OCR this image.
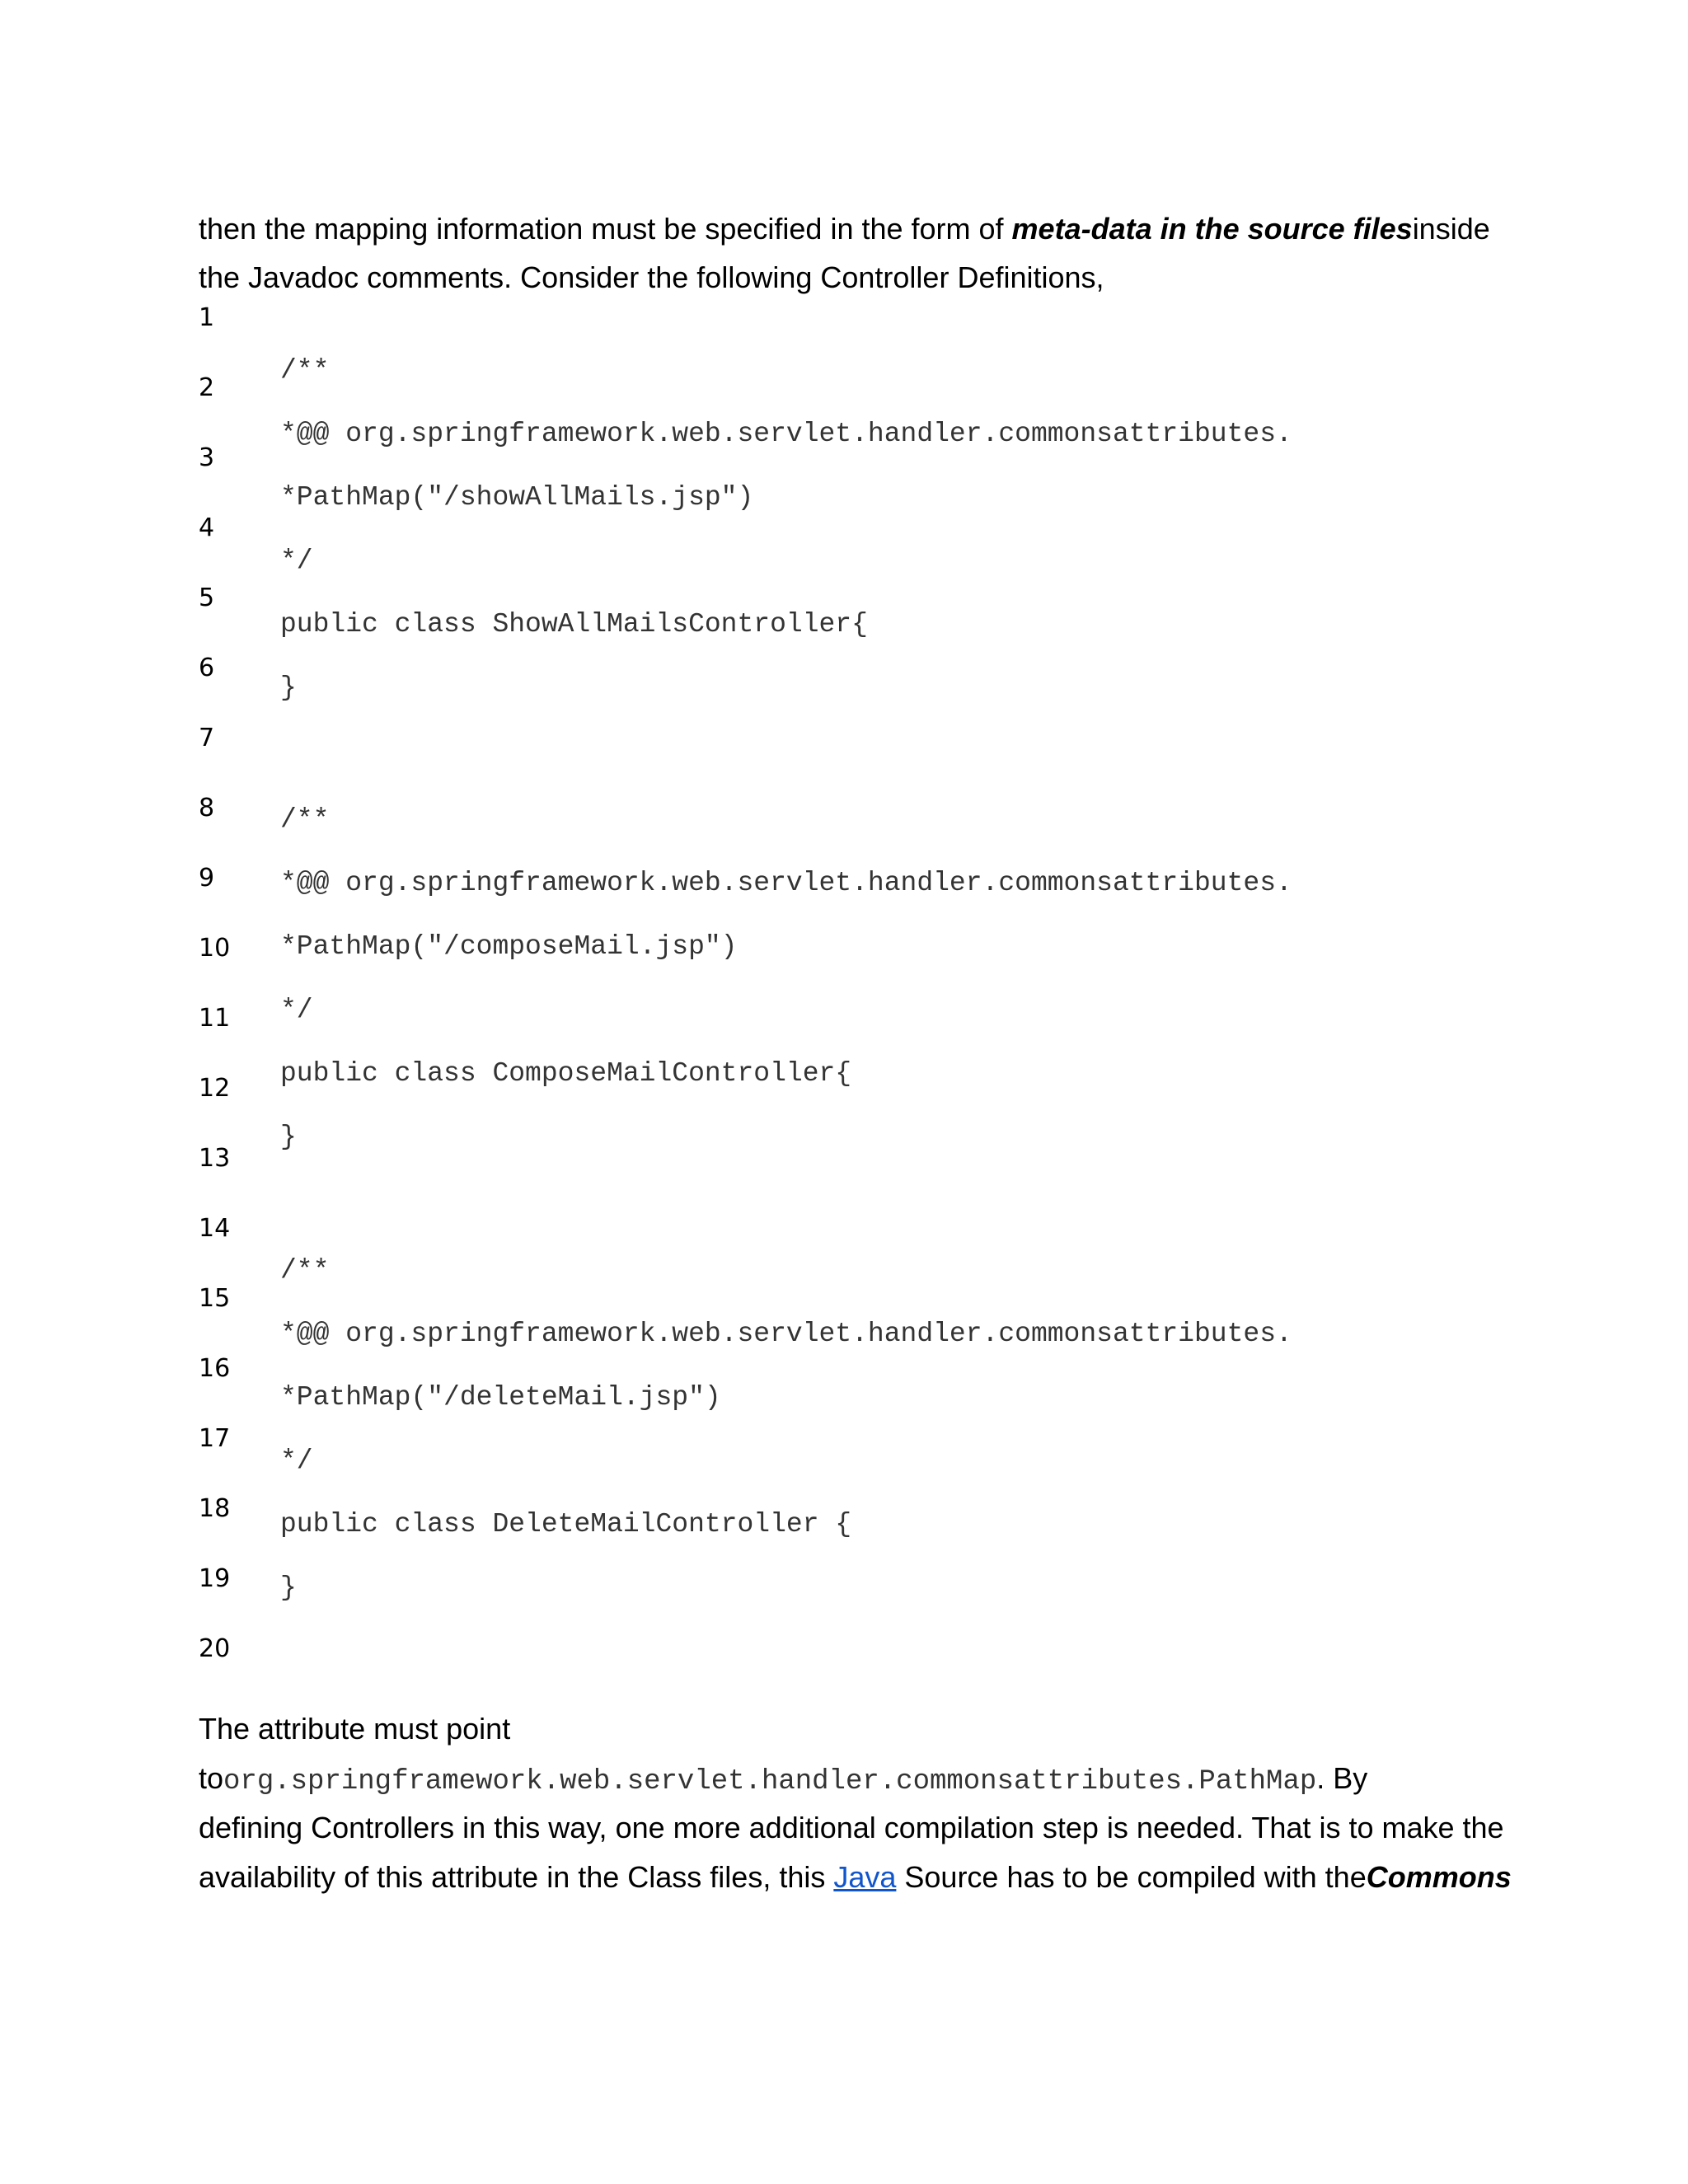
then the mapping information must be specified in the form of meta-data in the source filesinside
the Javadoc comments. Consider the following Controller Definitions,
1
2
3
4
5
6
7
8
9
10
11
12
13
14
15
16
17
18
19
20
/**
*@@ org.springframework.web.servlet.handler.commonsattributes.
*PathMap("/showAllMails.jsp")
*/
public class ShowAllMailsController{
}
/**
*@@ org.springframework.web.servlet.handler.commonsattributes.
*PathMap("/composeMail.jsp")
*/
public class ComposeMailController{
}
/**
*@@ org.springframework.web.servlet.handler.commonsattributes.
*PathMap("/deleteMail.jsp")
*/
public class DeleteMailController {
}
The attribute must point
toorg.springframework.web.servlet.handler.commonsattributes.PathMap. By
defining Controllers in this way, one more additional compilation step is needed. That is to make the
availability of this attribute in the Class files, this Java Source has to be compiled with theCommons
